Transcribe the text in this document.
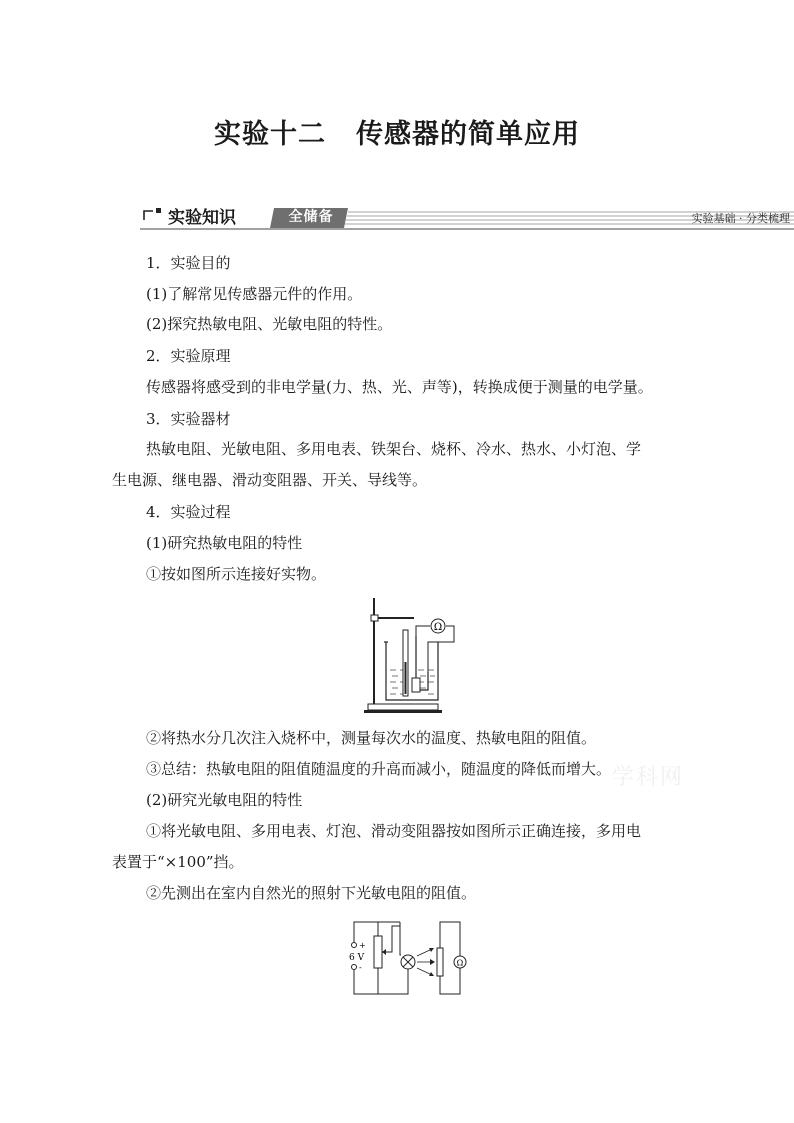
实验十二 传感器的简单应用
实验知识	全储备	实验基础 · 分类梳理
1．实验目的
(1)了解常见传感器元件的作用。
(2)探究热敏电阻、光敏电阻的特性。
2．实验原理
传感器将感受到的非电学量(力、热、光、声等)，转换成便于测量的电学量。
3．实验器材
热敏电阻、光敏电阻、多用电表、铁架台、烧杯、冷水、热水、小灯泡、学
生电源、继电器、滑动变阻器、开关、导线等。
4．实验过程
(1)研究热敏电阻的特性
①按如图所示连接好实物。
Ω
②将热水分几次注入烧杯中，测量每次水的温度、热敏电阻的阻值。
③总结：热敏电阻的阻值随温度的升高而减小，随温度的降低而增大。 学科网
(2)研究光敏电阻的特性
①将光敏电阻、多用电表、灯泡、滑动变阻器按如图所示正确连接，多用电
表置于“×100”挡。
②先测出在室内自然光的照射下光敏电阻的阻值。
+
-
6 V	Ω
